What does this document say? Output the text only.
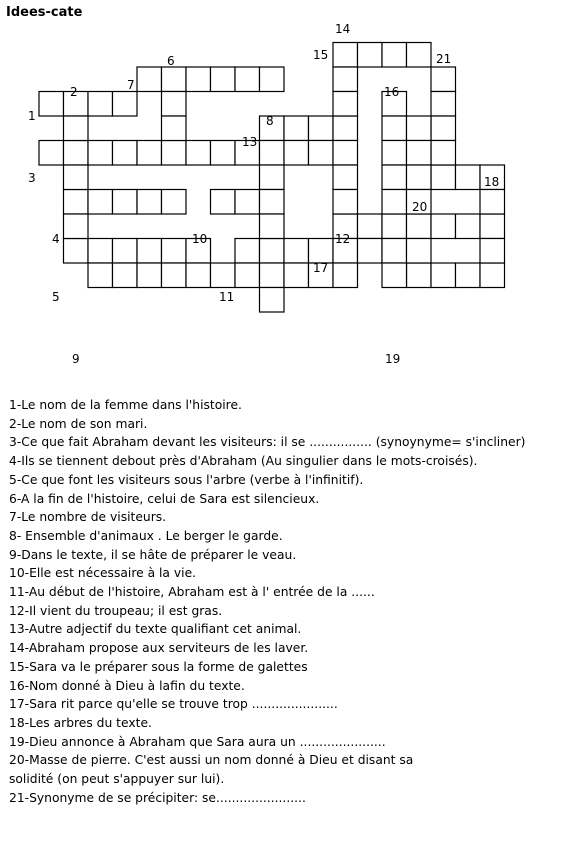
Idees-cate
1
2
3
4
5
6
7
8
9
10
11
12
13
14
15
16
17
18
19
20
21
1-Le nom de la femme dans l'histoire.
2-Le nom de son mari.
3-Ce que fait Abraham devant les visiteurs: il se ................ (synoynyme= s'incliner)
4-Ils se tiennent debout près d'Abraham (Au singulier dans le mots-croisés).
5-Ce que font les visiteurs sous l'arbre (verbe à l'infinitif).
6-A la fin de l'histoire, celui de Sara est silencieux.
7-Le nombre de visiteurs.
8- Ensemble d'animaux . Le berger le garde.
9-Dans le texte, il se hâte de préparer le veau.
10-Elle est nécessaire à la vie.
11-Au début de l'histoire, Abraham est à l' entrée de la ......
12-Il vient du troupeau; il est gras.
13-Autre adjectif du texte qualifiant cet animal.
14-Abraham propose aux serviteurs de les laver.
15-Sara va le préparer sous la forme de galettes
16-Nom donné à Dieu à lafin du texte.
17-Sara rit parce qu'elle se trouve trop ......................
18-Les arbres du texte.
19-Dieu annonce à Abraham que Sara aura un ......................
20-Masse de pierre. C'est aussi un nom donné à Dieu et disant sa solidité (on peut s'appuyer sur lui).
21-Synonyme de se précipiter: se.......................
